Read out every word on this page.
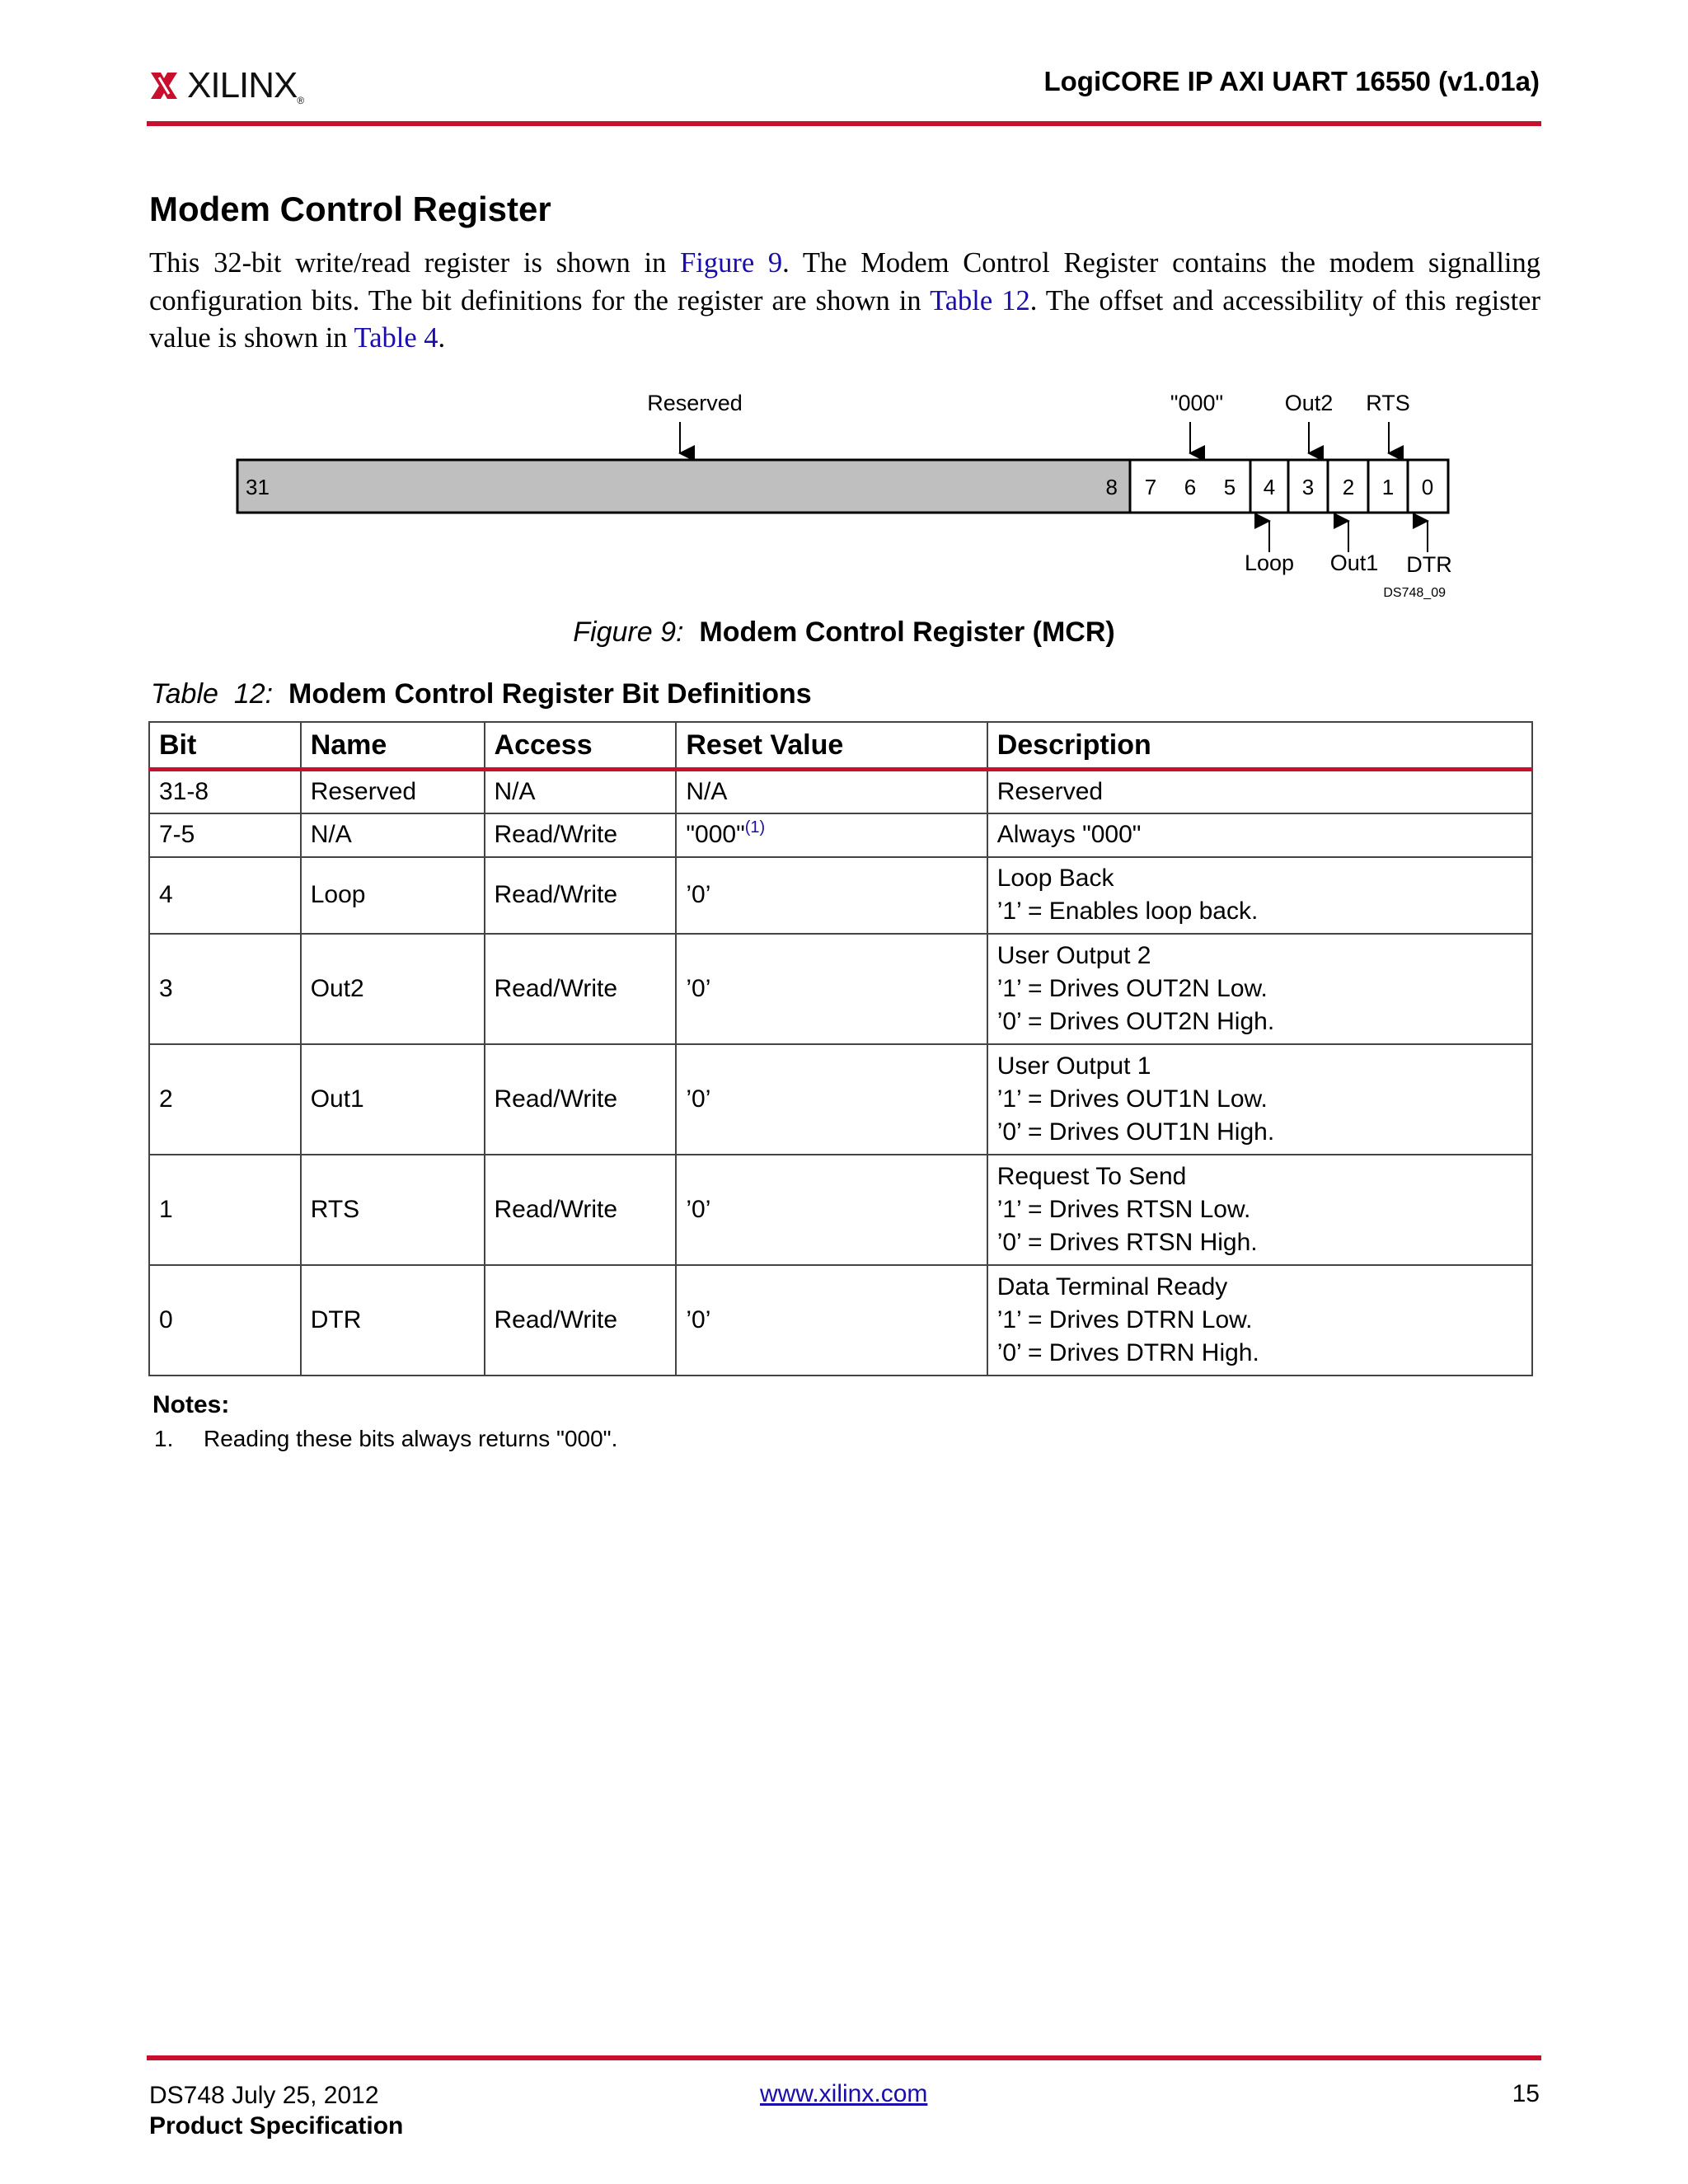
XILINX®
LogiCORE IP AXI UART 16550 (v1.01a)
Modem Control Register
This 32-bit write/read register is shown in Figure 9. The Modem Control Register contains the modem signalling configuration bits. The bit definitions for the register are shown in Table 12. The offset and accessibility of this register value is shown in Table 4.
Reserved	"000"	Out2 RTS
31	8 7 6 5 4 3 2 1 0
Loop Out1 DTR
DS748_09
Figure 9: Modem Control Register (MCR)
Table  12: Modem Control Register Bit Definitions
Bit	Name	Access	Reset Value	Description
31-8	Reserved	N/A	N/A	Reserved

7-5	N/A	Read/Write	"000"$^{(1)}$	Always "000"

4	Loop	Read/Write	’0’	Loop Back
’1’ = Enables loop back.

3	Out2	Read/Write	’0’	User Output 2
’1’ = Drives OUT2N Low.
’0’ = Drives OUT2N High.

2	Out1	Read/Write	’0’	User Output 1
’1’ = Drives OUT1N Low.
’0’ = Drives OUT1N High.

1	RTS	Read/Write	’0’	Request To Send
’1’ = Drives RTSN Low.
’0’ = Drives RTSN High.

0	DTR	Read/Write	’0’	Data Terminal Ready
’1’ = Drives DTRN Low.
’0’ = Drives DTRN High.
Notes:
1. Reading these bits always returns "000".
DS748 July 25, 2012
Product Specification
www.xilinx.com	15
